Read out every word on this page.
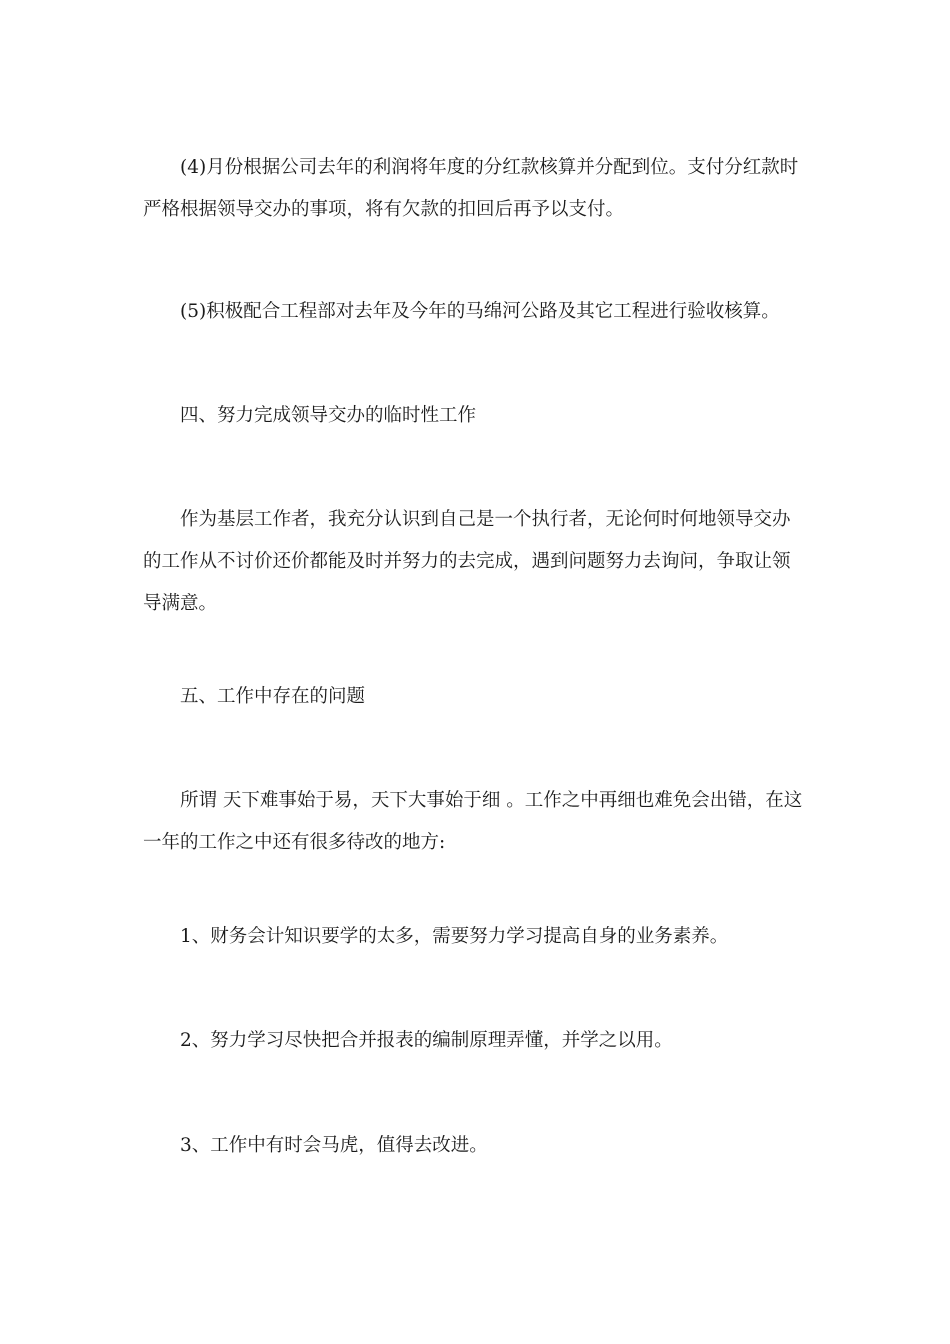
(4)月份根据公司去年的利润将年度的分红款核算并分配到位。支付分红款时严格根据领导交办的事项，将有欠款的扣回后再予以支付。

(5)积极配合工程部对去年及今年的马绵河公路及其它工程进行验收核算。

四、努力完成领导交办的临时性工作

作为基层工作者，我充分认识到自己是一个执行者，无论何时何地领导交办的工作从不讨价还价都能及时并努力的去完成，遇到问题努力去询问，争取让领导满意。

五、工作中存在的问题

所谓 天下难事始于易，天下大事始于细 。工作之中再细也难免会出错，在这一年的工作之中还有很多待改的地方:

1、财务会计知识要学的太多，需要努力学习提高自身的业务素养。

2、努力学习尽快把合并报表的编制原理弄懂，并学之以用。

3、工作中有时会马虎，值得去改进。
